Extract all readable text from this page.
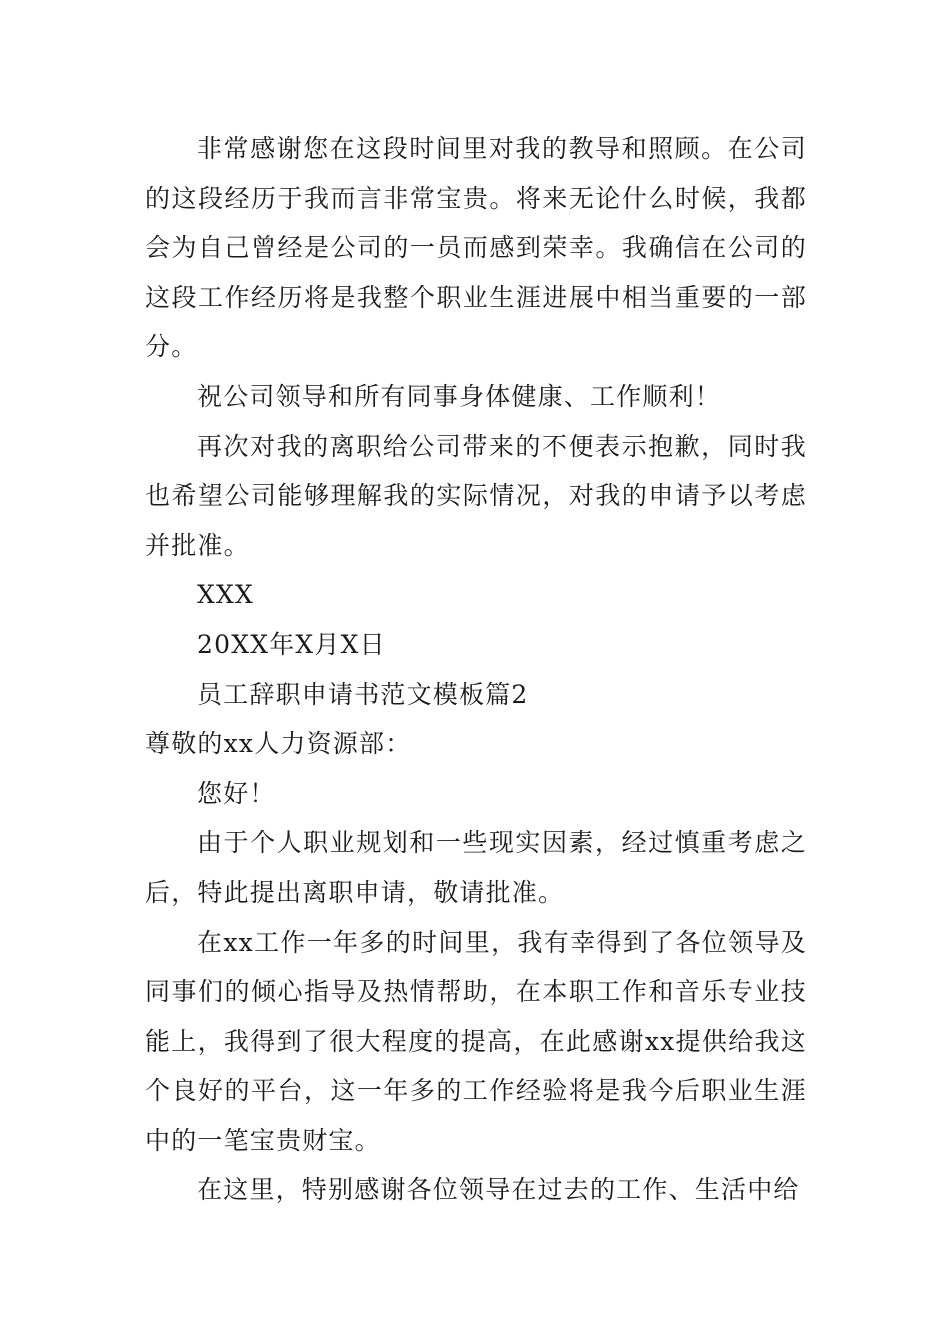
非常感谢您在这段时间里对我的教导和照顾。在公司的这段经历于我而言非常宝贵。将来无论什么时候，我都会为自己曾经是公司的一员而感到荣幸。我确信在公司的这段工作经历将是我整个职业生涯进展中相当重要的一部分。

祝公司领导和所有同事身体健康、工作顺利！

再次对我的离职给公司带来的不便表示抱歉，同时我也希望公司能够理解我的实际情况，对我的申请予以考虑并批准。

XXX

20XX年X月X日

员工辞职申请书范文模板篇2

尊敬的xx人力资源部：

您好！

由于个人职业规划和一些现实因素，经过慎重考虑之后，特此提出离职申请，敬请批准。

在xx工作一年多的时间里，我有幸得到了各位领导及同事们的倾心指导及热情帮助，在本职工作和音乐专业技能上，我得到了很大程度的提高，在此感谢xx提供给我这个良好的平台，这一年多的工作经验将是我今后职业生涯中的一笔宝贵财宝。

在这里，特别感谢各位领导在过去的工作、生活中给
